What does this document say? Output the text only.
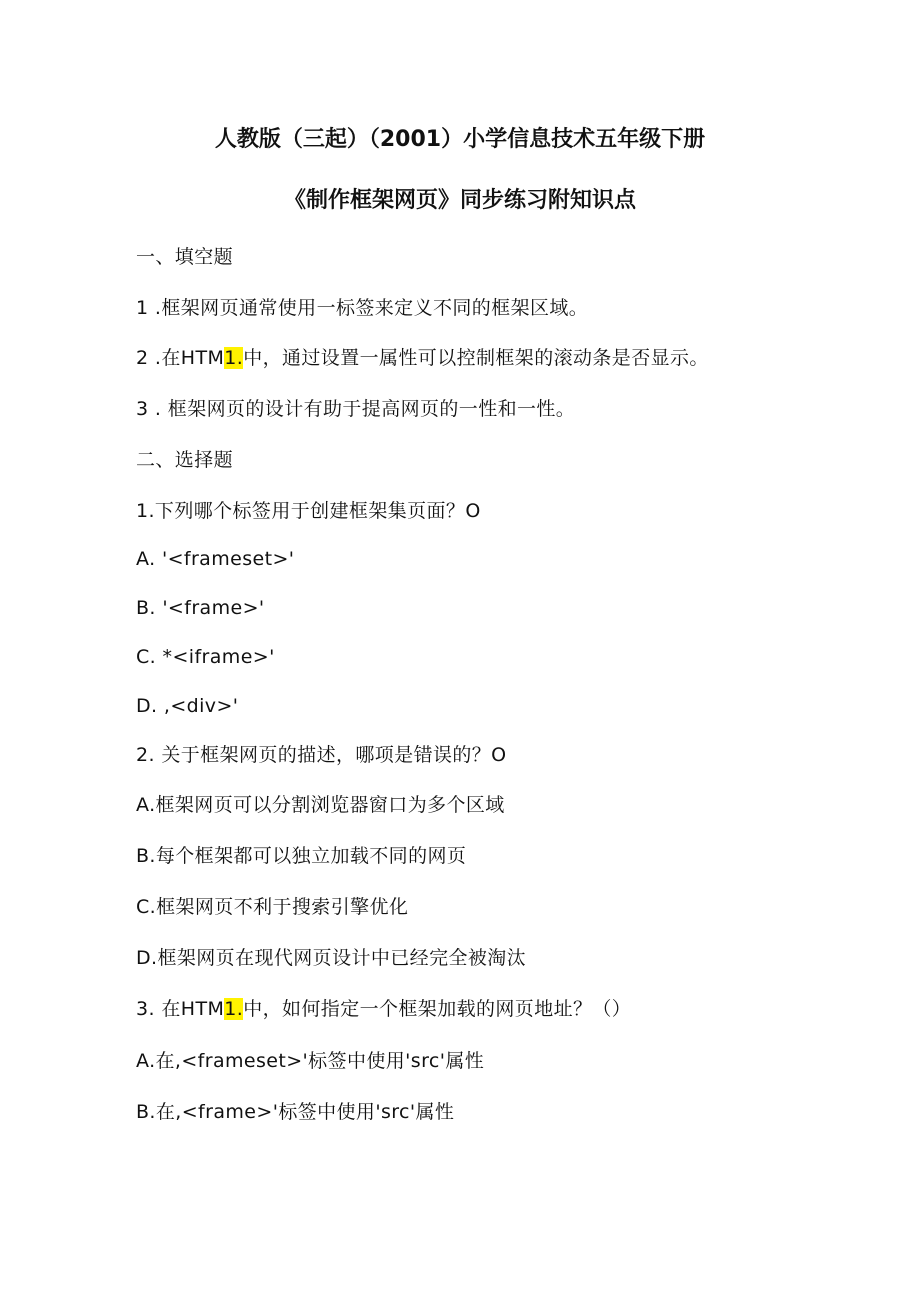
人教版（三起）（2001）小学信息技术五年级下册
《制作框架网页》同步练习附知识点
一、填空题
1 .框架网页通常使用一标签来定义不同的框架区域。
2 .在HTM1.中，通过设置一属性可以控制框架的滚动条是否显示。
3 . 框架网页的设计有助于提高网页的一性和一性。
二、选择题
1.下列哪个标签用于创建框架集页面？O
A. '<frameset>'
B. '<frame>'
C. *<iframe>'
D. ,<div>'
2. 关于框架网页的描述，哪项是错误的？O
A.框架网页可以分割浏览器窗口为多个区域
B.每个框架都可以独立加载不同的网页
C.框架网页不利于搜索引擎优化
D.框架网页在现代网页设计中已经完全被淘汰
3. 在HTM1.中，如何指定一个框架加载的网页地址？（）
A.在,<frameset>'标签中使用'src'属性
B.在,<frame>'标签中使用'src'属性
